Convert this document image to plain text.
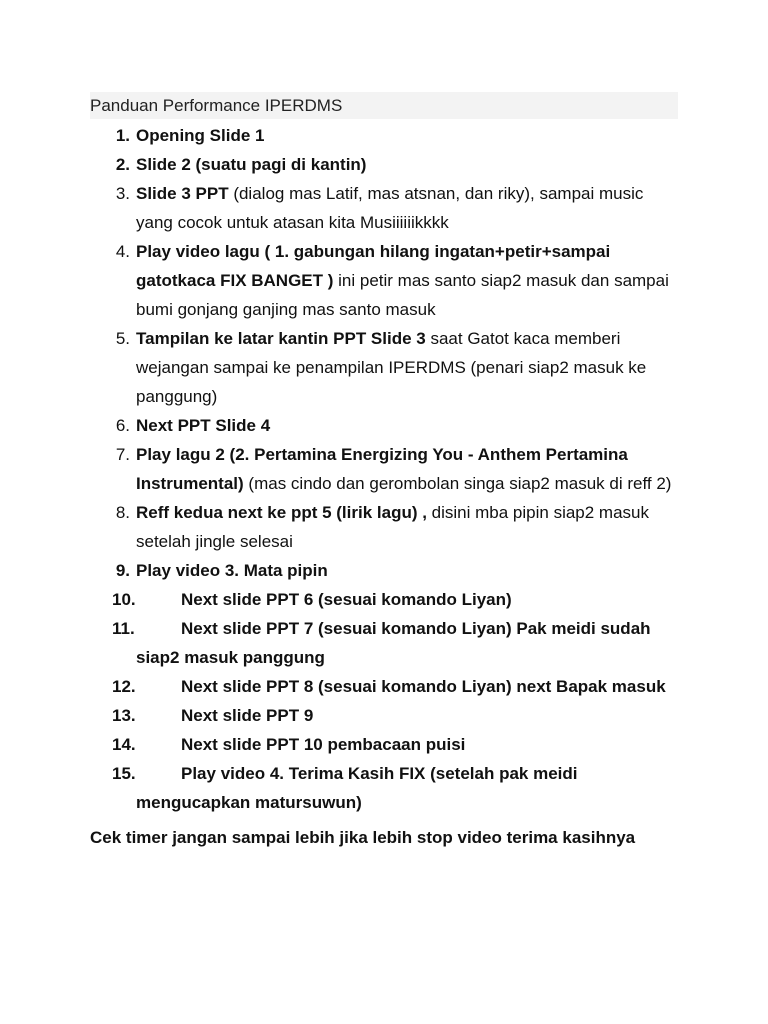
Panduan Performance IPERDMS
1. Opening Slide 1
2. Slide 2 (suatu pagi di kantin)
3. Slide 3 PPT (dialog mas Latif, mas atsnan, dan riky), sampai music yang cocok untuk atasan kita Musiiiiiikkkk
4. Play video lagu ( 1. gabungan hilang ingatan+petir+sampai gatotkaca FIX BANGET ) ini petir mas santo siap2 masuk dan sampai bumi gonjang ganjing mas santo masuk
5. Tampilan ke latar kantin PPT Slide 3 saat Gatot kaca memberi wejangan sampai ke penampilan IPERDMS (penari siap2 masuk ke panggung)
6. Next PPT Slide 4
7. Play lagu 2 (2. Pertamina Energizing You - Anthem Pertamina Instrumental) (mas cindo dan gerombolan singa siap2 masuk di reff 2)
8. Reff kedua next ke ppt 5 (lirik lagu) , disini mba pipin siap2 masuk setelah jingle selesai
9. Play video 3. Mata pipin
10.	Next slide PPT 6 (sesuai komando Liyan)
11.	Next slide PPT 7 (sesuai komando Liyan) Pak meidi sudah siap2 masuk panggung
12.	Next slide PPT 8 (sesuai komando Liyan) next Bapak masuk
13.	Next slide PPT 9
14.	Next slide PPT 10 pembacaan puisi
15.	Play video 4. Terima Kasih FIX (setelah pak meidi mengucapkan matursuwun)
Cek timer jangan sampai lebih jika lebih stop video terima kasihnya
